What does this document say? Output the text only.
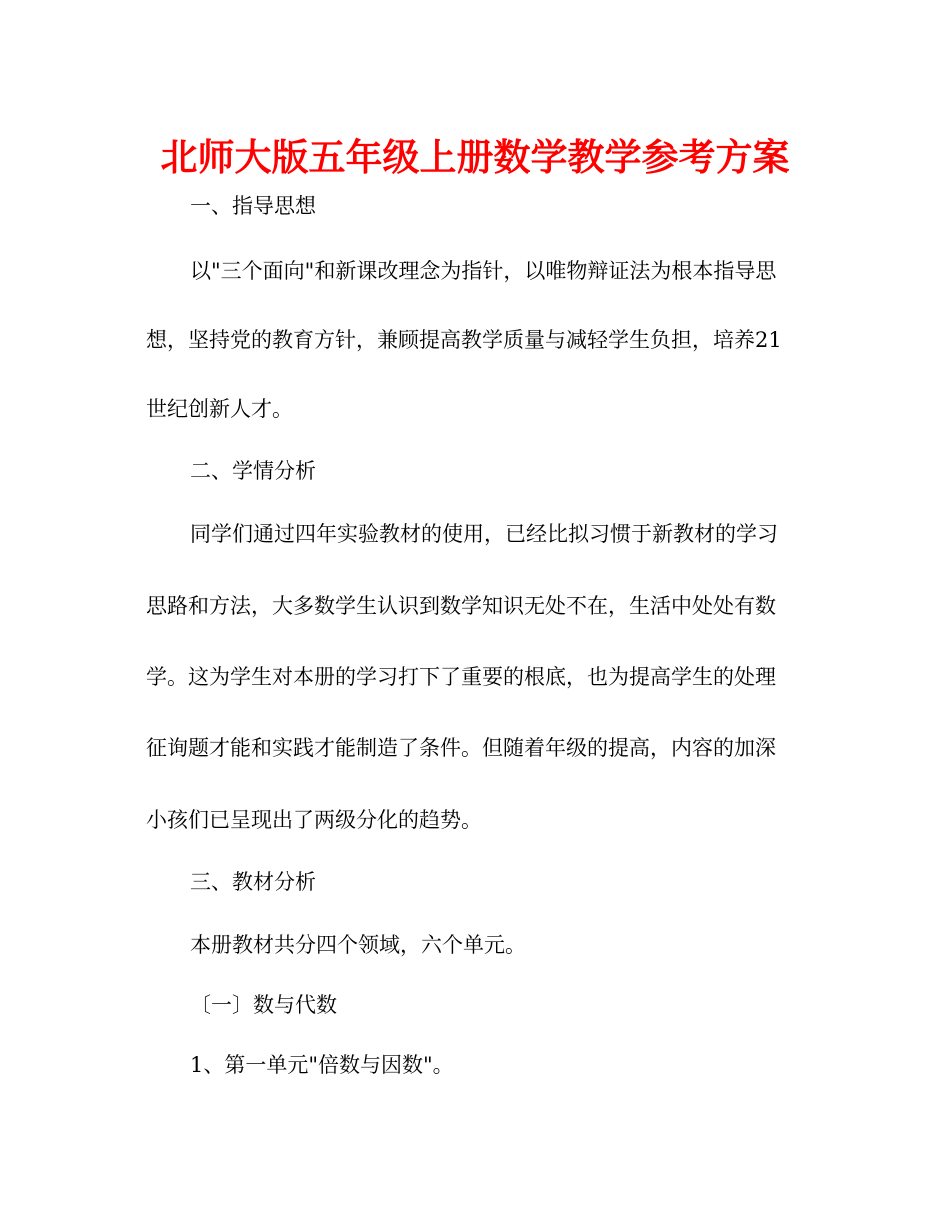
北师大版五年级上册数学教学参考方案
一、指导思想
以"三个面向"和新课改理念为指针，以唯物辩证法为根本指导思
想，坚持党的教育方针，兼顾提高教学质量与减轻学生负担，培养21
世纪创新人才。
二、学情分析
同学们通过四年实验教材的使用，已经比拟习惯于新教材的学习
思路和方法，大多数学生认识到数学知识无处不在，生活中处处有数
学。这为学生对本册的学习打下了重要的根底，也为提高学生的处理
征询题才能和实践才能制造了条件。但随着年级的提高，内容的加深
小孩们已呈现出了两级分化的趋势。
三、教材分析
本册教材共分四个领域，六个单元。
〔一〕数与代数
1、第一单元"倍数与因数"。
